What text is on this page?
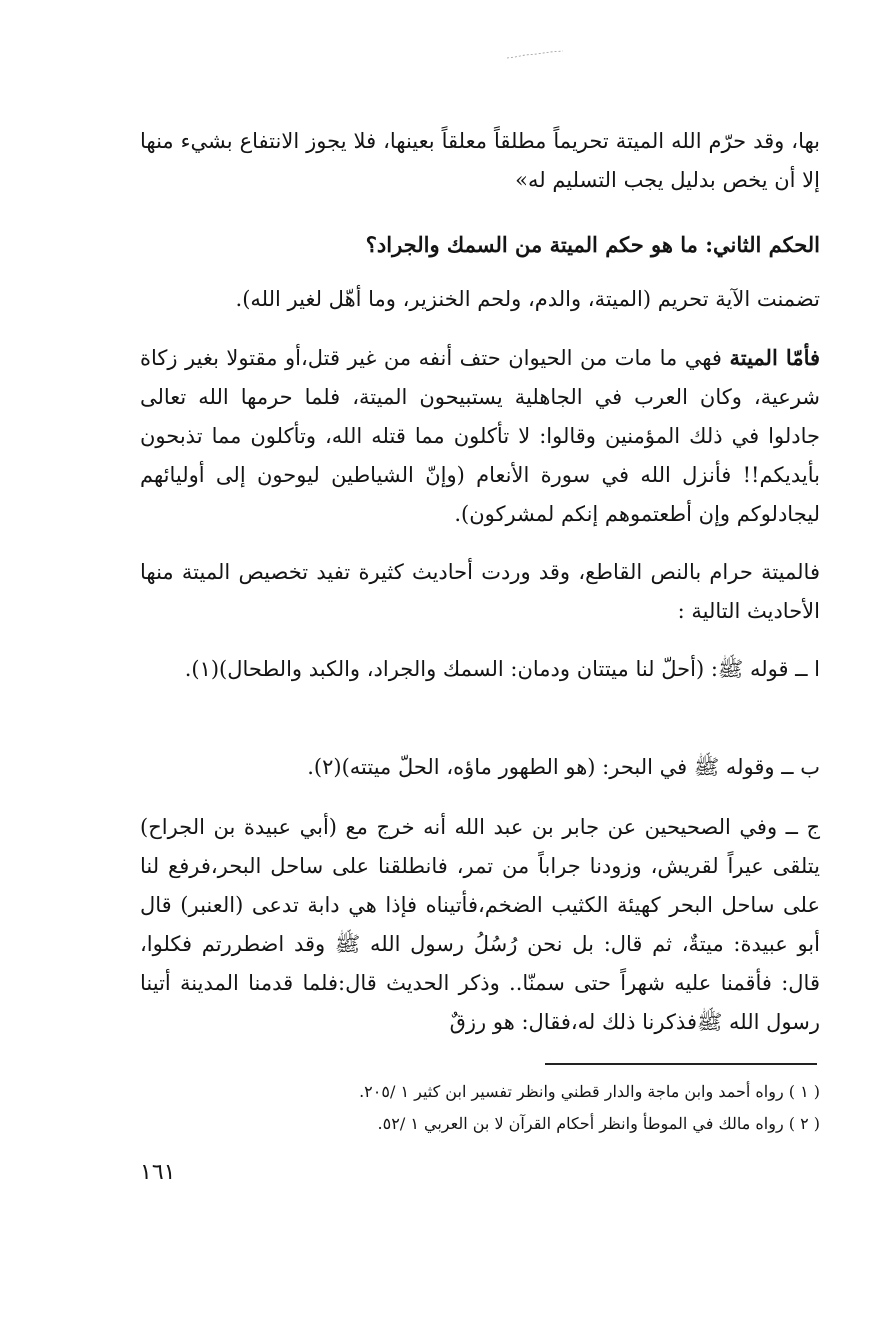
بها، وقد حرّم الله الميتة تحريماً مطلقاً معلقاً بعينها، فلا يجوز الانتفاع بشيء منها إلا أن يخص بدليل يجب التسليم له»

الحكم الثاني: ما هو حكم الميتة من السمك والجراد؟

تضمنت الآية تحريم (الميتة، والدم، ولحم الخنزير، وما أهّل لغير الله).

فأمّا الميتة فهي ما مات من الحيوان حتف أنفه من غير قتل،أو مقتولا بغير زكاة شرعية، وكان العرب في الجاهلية يستبيحون الميتة، فلما حرمها الله تعالى جادلوا في ذلك المؤمنين وقالوا: لا تأكلون مما قتله الله، وتأكلون مما تذبحون بأيديكم!! فأنزل الله في سورة الأنعام (وإنّ الشياطين ليوحون إلى أوليائهم ليجادلوكم وإن أطعتموهم إنكم لمشركون).

فالميتة حرام بالنص القاطع، وقد وردت أحاديث كثيرة تفيد تخصيص الميتة منها الأحاديث التالية :

ا ــ قوله ﷺ: (أحلّ لنا ميتتان ودمان: السمك والجراد، والكبد والطحال)(١).

ب ــ وقوله ﷺ في البحر: (هو الطهور ماؤه، الحلّ ميتته)(٢).

ج ــ وفي الصحيحين عن جابر بن عبد الله أنه خرج مع (أبي عبيدة بن الجراح) يتلقى عيراً لقريش، وزودنا جراباً من تمر، فانطلقنا على ساحل البحر،فرفع لنا على ساحل البحر كهيئة الكثيب الضخم،فأتيناه فإذا هي دابة تدعى (العنبر) قال أبو عبيدة: ميتةٌ، ثم قال: بل نحن رُسُلُ رسول الله ﷺ وقد اضطررتم فكلوا، قال: فأقمنا عليه شهراً حتى سمنّا.. وذكر الحديث قال:فلما قدمنا المدينة أتينا رسول الله ﷺفذكرنا ذلك له،فقال: هو رزقٌ

( ١ ) رواه أحمد وابن ماجة والدار قطني وانظر تفسير ابن كثير ١ /٢٠٥.

( ٢ ) رواه مالك في الموطأ وانظر أحكام القرآن لا بن العربي ١ /٥٢.

١٦١
